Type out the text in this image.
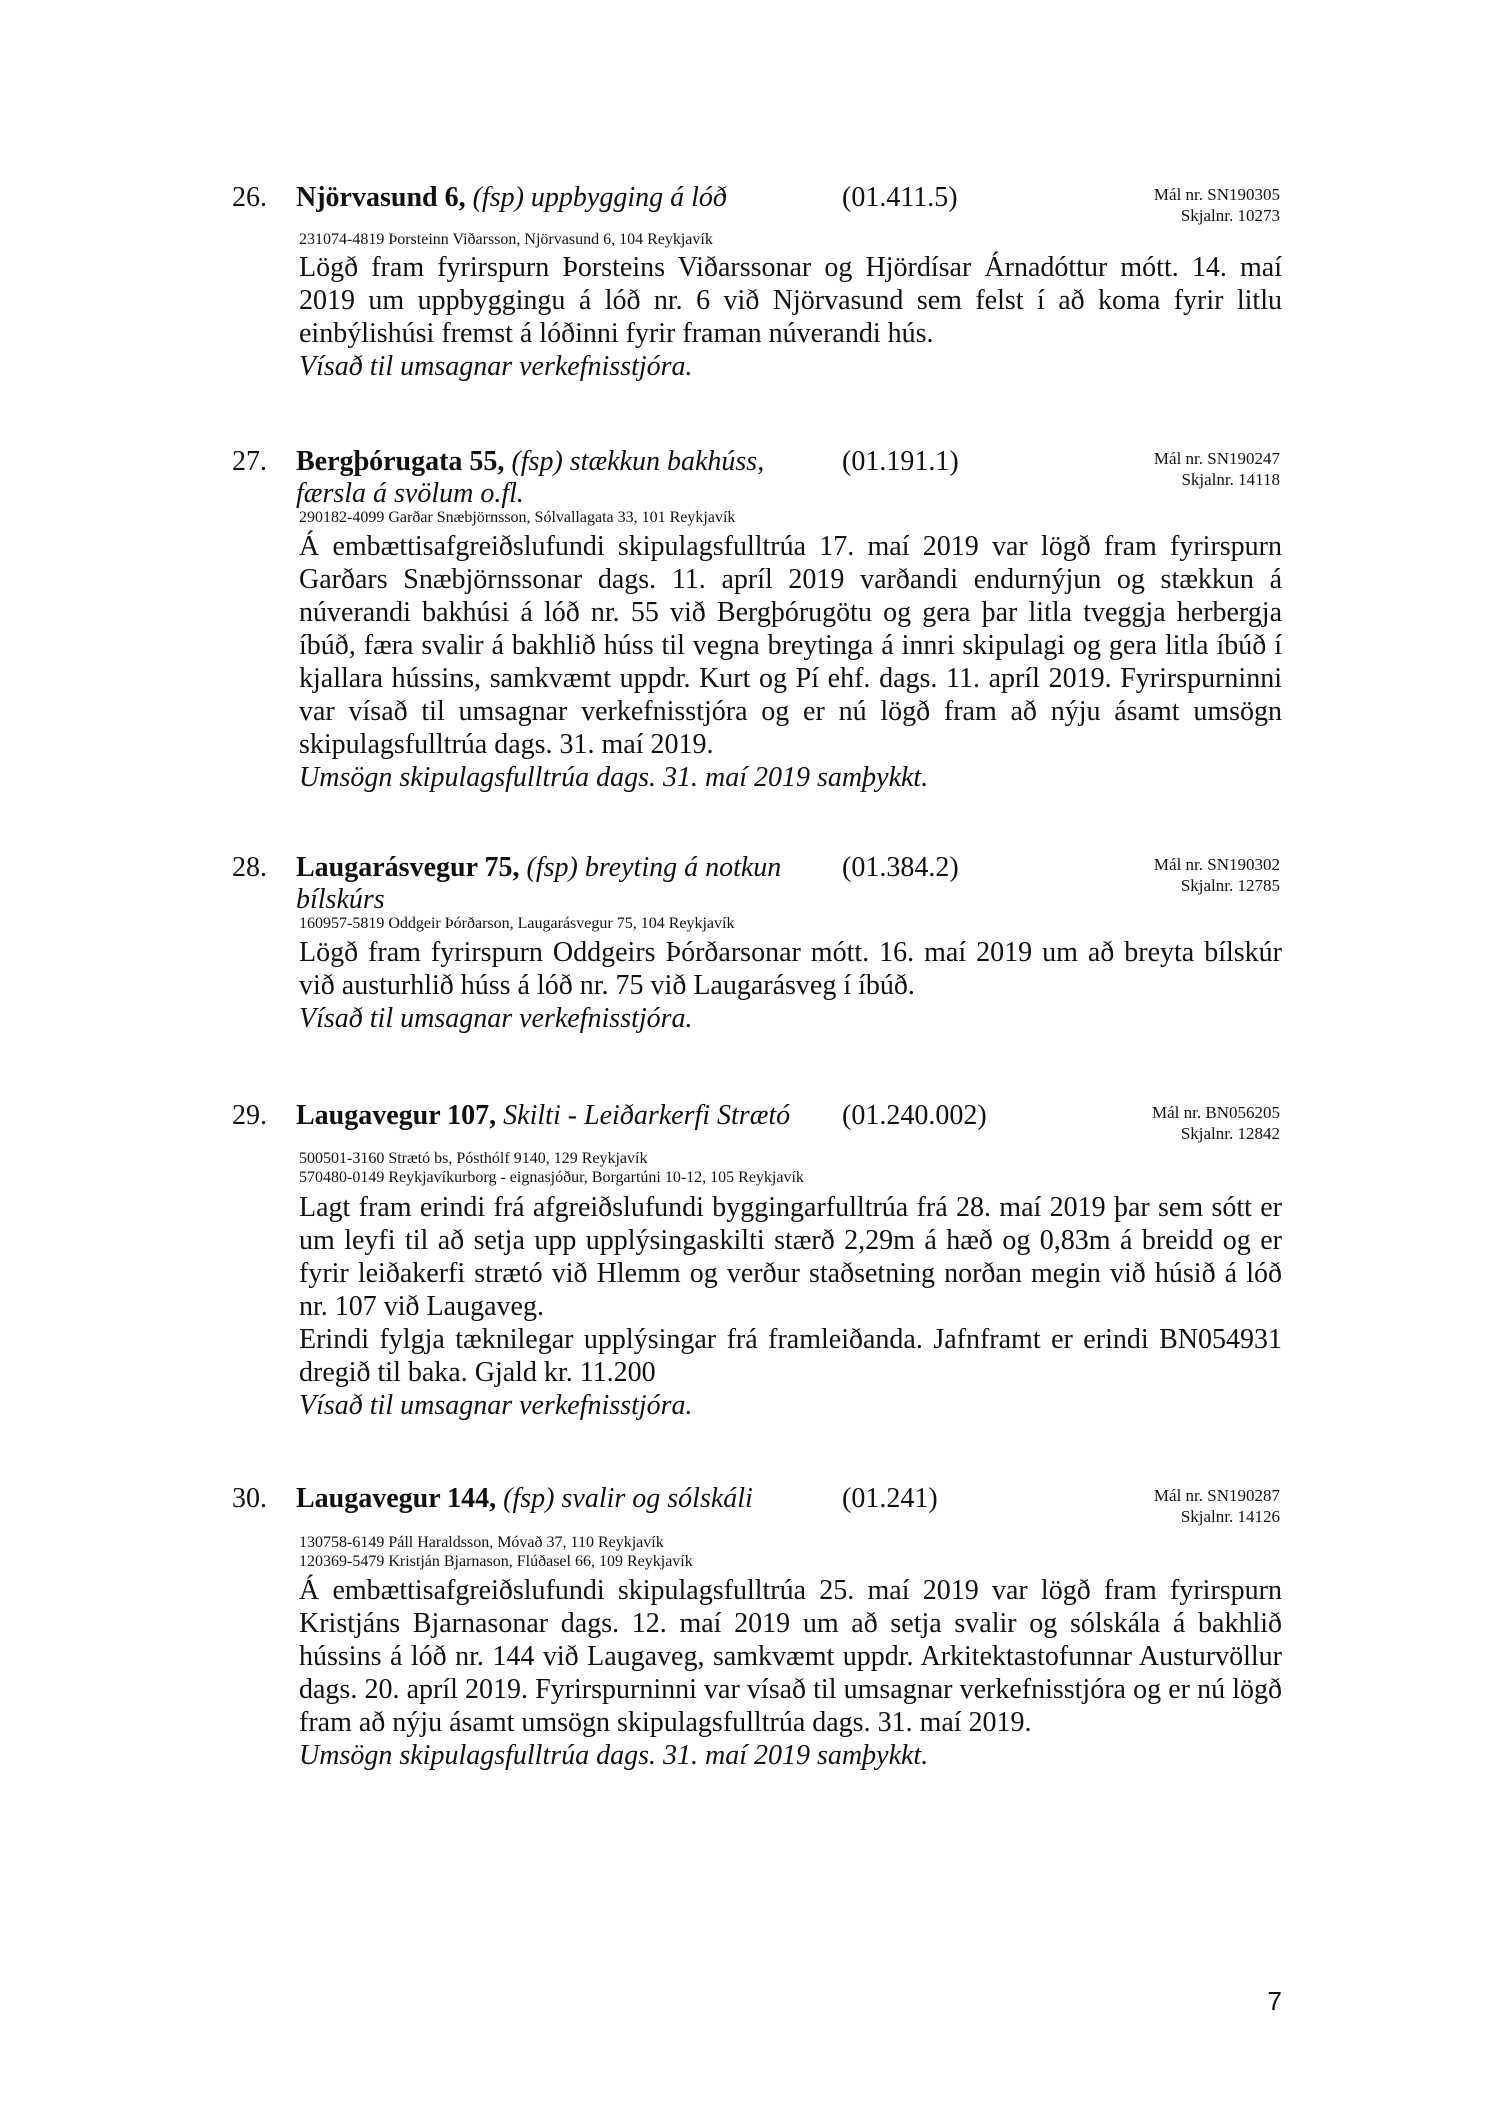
26. Njörvasund 6, (fsp) uppbygging á lóð	(01.411.5)	Mál nr. SN190305
Skjalnr. 10273
231074-4819 Þorsteinn Viðarsson, Njörvasund 6, 104 Reykjavík

Lögð fram fyrirspurn Þorsteins Viðarssonar og Hjördísar Árnadóttur mótt. 14. maí 2019 um uppbyggingu á lóð nr. 6 við Njörvasund sem felst í að koma fyrir litlu einbýlishúsi fremst á lóðinni fyrir framan núverandi hús.

Vísað til umsagnar verkefnisstjóra.

27. Bergþórugata 55, (fsp) stækkun bakhúss, færsla á svölum o.fl.
(01.191.1)	Mál nr. SN190247
Skjalnr. 14118
290182-4099 Garðar Snæbjörnsson, Sólvallagata 33, 101 Reykjavík

Á embættisafgreiðslufundi skipulagsfulltrúa 17. maí 2019 var lögð fram fyrirspurn Garðars Snæbjörnssonar dags. 11. apríl 2019 varðandi endurnýjun og stækkun á núverandi bakhúsi á lóð nr. 55 við Bergþórugötu og gera þar litla tveggja herbergja íbúð, færa svalir á bakhlið húss til vegna breytinga á innri skipulagi og gera litla íbúð í kjallara hússins, samkvæmt uppdr. Kurt og Pí ehf. dags. 11. apríl 2019. Fyrirspurninni var vísað til umsagnar verkefnisstjóra og er nú lögð fram að nýju ásamt umsögn skipulagsfulltrúa dags. 31. maí 2019.

Umsögn skipulagsfulltrúa dags. 31. maí 2019 samþykkt.

28. Laugarásvegur 75, (fsp) breyting á notkun bílskúrs
(01.384.2)	Mál nr. SN190302
Skjalnr. 12785
160957-5819 Oddgeir Þórðarson, Laugarásvegur 75, 104 Reykjavík

Lögð fram fyrirspurn Oddgeirs Þórðarsonar mótt. 16. maí 2019 um að breyta bílskúr við austurhlið húss á lóð nr. 75 við Laugarásveg í íbúð.

Vísað til umsagnar verkefnisstjóra.

29. Laugavegur 107, Skilti - Leiðarkerfi Strætó	(01.240.002)	Mál nr. BN056205
Skjalnr. 12842
500501-3160 Strætó bs, Pósthólf 9140, 129 Reykjavík
570480-0149 Reykjavíkurborg - eignasjóður, Borgartúni 10-12, 105 Reykjavík

Lagt fram erindi frá afgreiðslufundi byggingarfulltrúa frá 28. maí 2019 þar sem sótt er um leyfi til að setja upp upplýsingaskilti stærð 2,29m á hæð og 0,83m á breidd og er fyrir leiðakerfi strætó við Hlemm og verður staðsetning norðan megin við húsið á lóð nr. 107 við Laugaveg.

Erindi fylgja tæknilegar upplýsingar frá framleiðanda. Jafnframt er erindi BN054931 dregið til baka. Gjald kr. 11.200

Vísað til umsagnar verkefnisstjóra.

30. Laugavegur 144, (fsp) svalir og sólskáli	(01.241)	Mál nr. SN190287
Skjalnr. 14126
130758-6149 Páll Haraldsson, Móvað 37, 110 Reykjavík
120369-5479 Kristján Bjarnason, Flúðasel 66, 109 Reykjavík

Á embættisafgreiðslufundi skipulagsfulltrúa 25. maí 2019 var lögð fram fyrirspurn Kristjáns Bjarnasonar dags. 12. maí 2019 um að setja svalir og sólskála á bakhlið hússins á lóð nr. 144 við Laugaveg, samkvæmt uppdr. Arkitektastofunnar Austurvöllur dags. 20. apríl 2019. Fyrirspurninni var vísað til umsagnar verkefnisstjóra og er nú lögð fram að nýju ásamt umsögn skipulagsfulltrúa dags. 31. maí 2019.

Umsögn skipulagsfulltrúa dags. 31. maí 2019 samþykkt.

7
